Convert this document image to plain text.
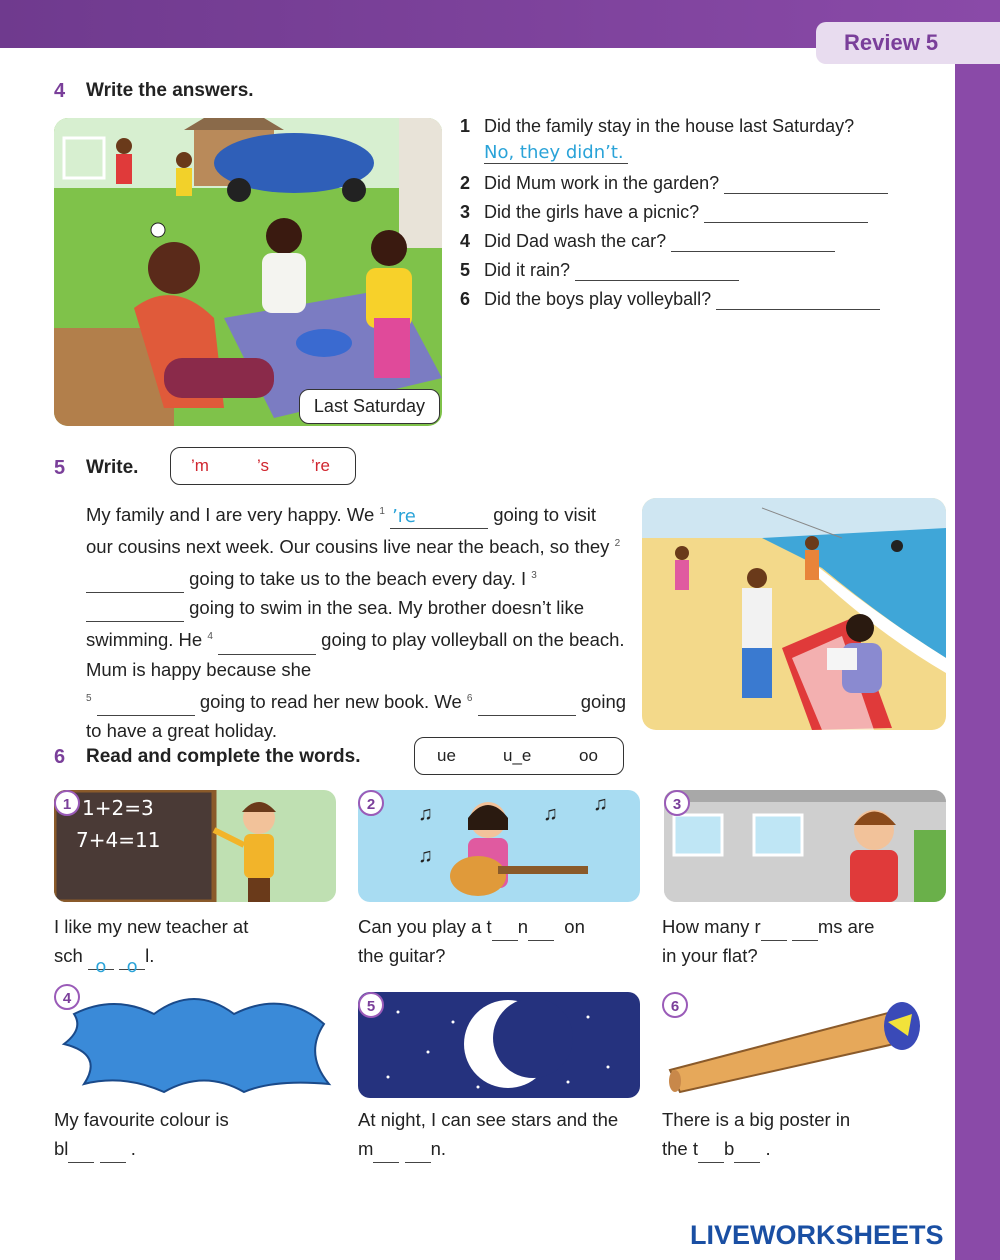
Review 5
4 Write the answers.
Last Saturday
1 Did the family stay in the house last Saturday?
No, they didn’t.
2 Did Mum work in the garden?
3 Did the girls have a picnic?
4 Did Dad wash the car?
5 Did it rain?
6 Did the boys play volleyball?
5 Write.	’m	’s ’re
My family and I are very happy. We $^1$ ’re	going to visit our cousins next week. Our cousins live near the beach, so they $^2$  going to take us to the beach every day. I $^3$  going to swim in the sea. My brother doesn’t like swimming. He $^4$	going to play volleyball on the beach. Mum is happy because she
$^5$	going to read her new book. We $^6$	going to have a great holiday.
6 Read and complete the words.	ue	u_e	oo
1 1+2=3
7+4=11
I like my new teacher at
sch o ol.
2	♫
♫
♫ ♫
Can you play a t n on
the guitar?
3
How many r	ms are
in your flat?
4
My favourite colour is
bl	.
5
At night, I can see stars and the
m	n.
6
There is a big poster in
the t b .
LIVEWORKSHEETS
